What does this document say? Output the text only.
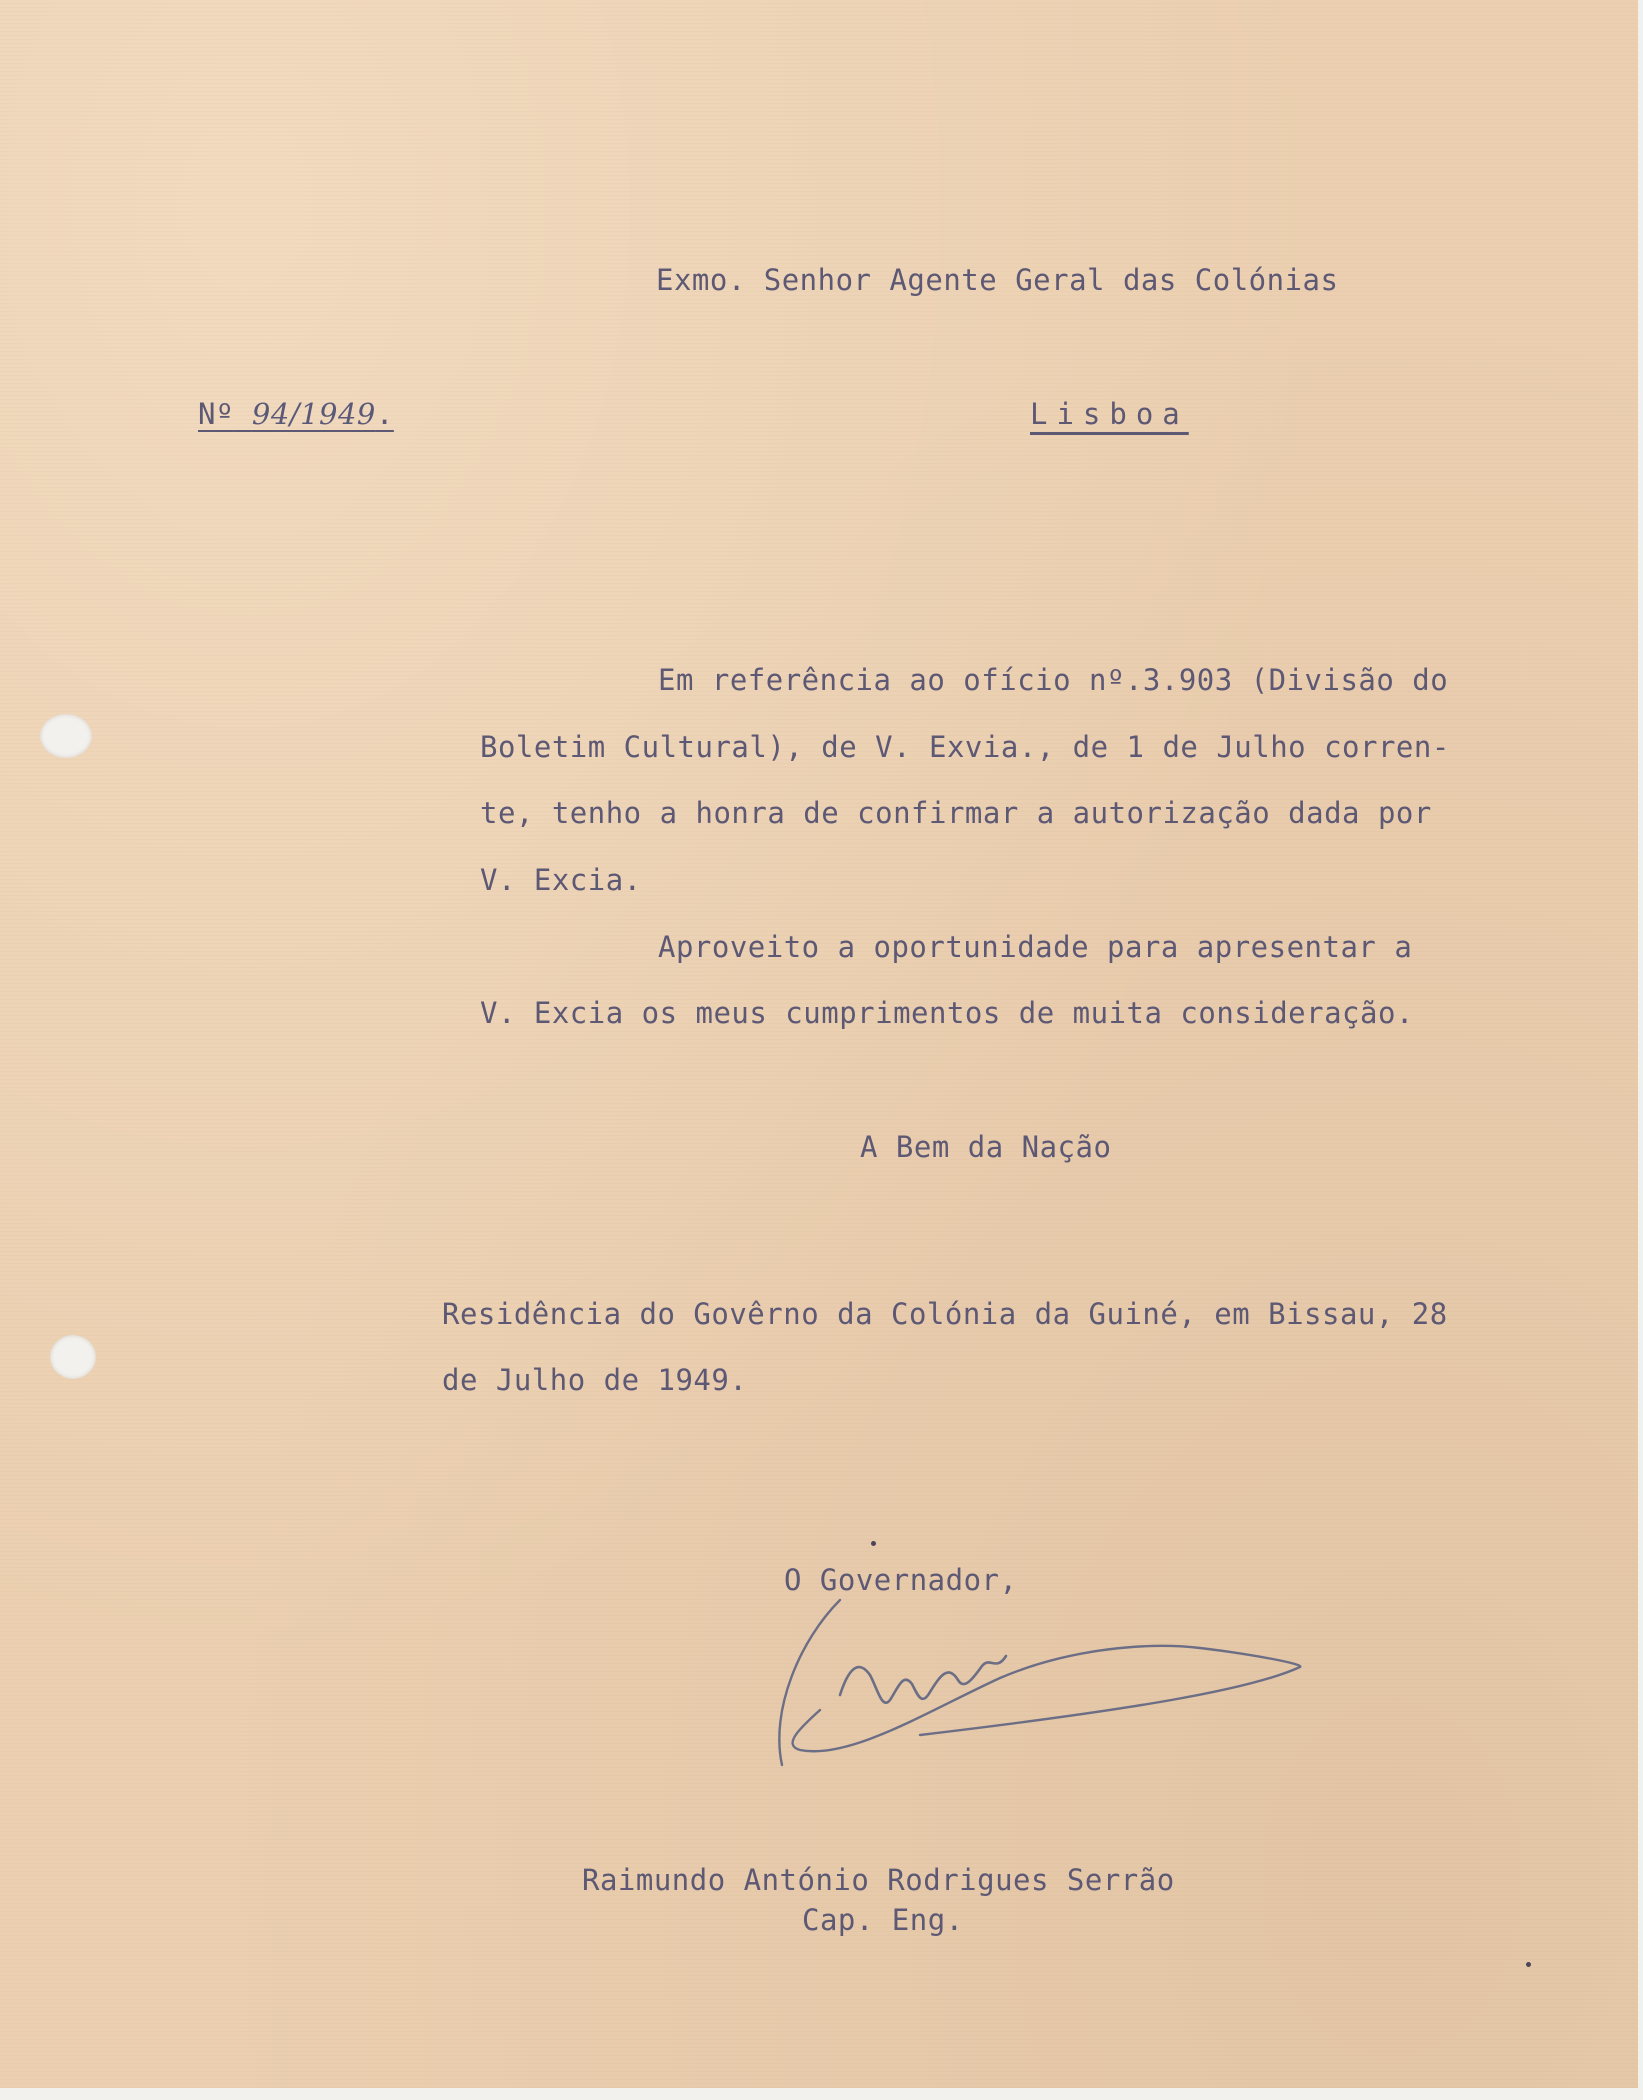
Exmo. Senhor Agente Geral das Colónias

Nº 94/1949.	Lisboa

Em referência ao ofício nº.3.903 (Divisão do

Boletim Cultural), de V. Exvia., de 1 de Julho corren-

te, tenho a honra de confirmar a autorização dada por

V. Excia.

Aproveito a oportunidade para apresentar a

V. Excia os meus cumprimentos de muita consideração.

A Bem da Nação

Residência do Govêrno da Colónia da Guiné, em Bissau, 28

de Julho de 1949.

O Governador,

Raimundo António Rodrigues Serrão

Cap. Eng.
